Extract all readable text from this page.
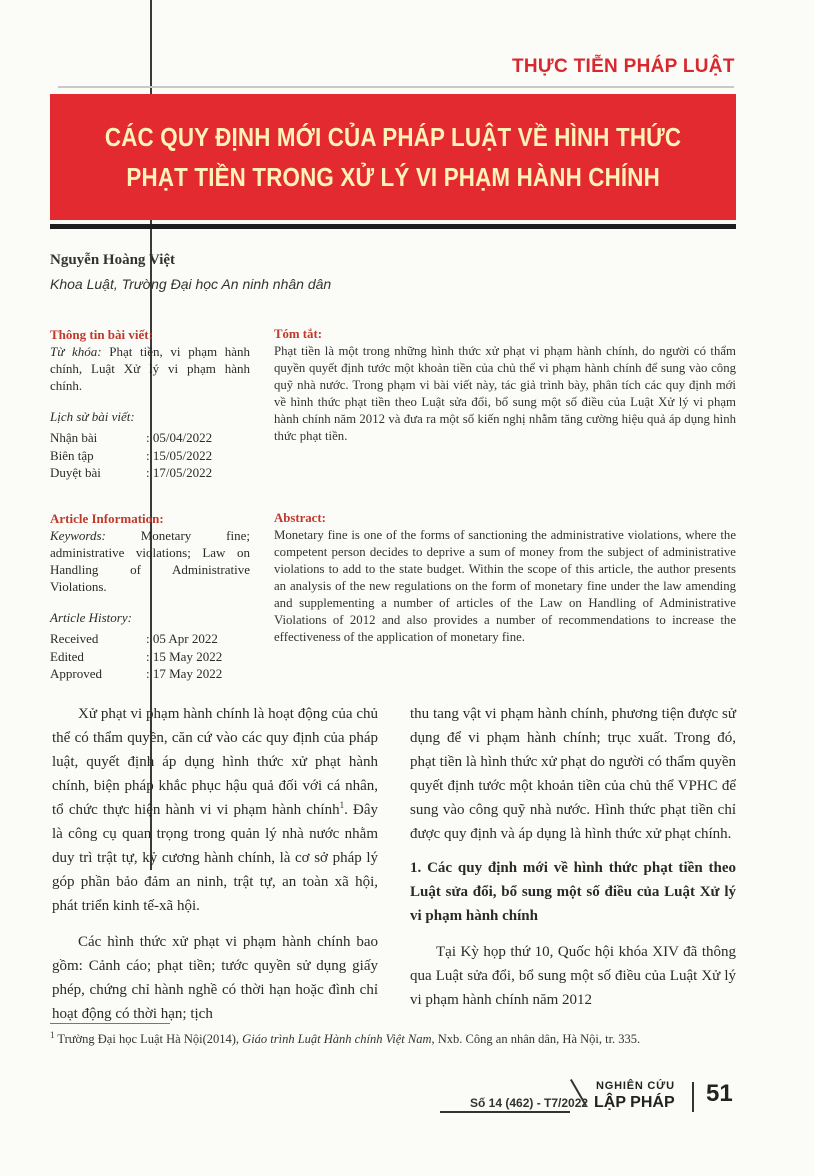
THỰC TIỄN PHÁP LUẬT
CÁC QUY ĐỊNH MỚI CỦA PHÁP LUẬT VỀ HÌNH THỨC
PHẠT TIỀN TRONG XỬ LÝ VI PHẠM HÀNH CHÍNH
Nguyễn Hoàng Việt
Khoa Luật, Trường Đại học An ninh nhân dân
Thông tin bài viết:
Từ khóa: Phạt tiền, vi phạm hành chính, Luật Xử lý vi phạm hành chính.
Lịch sử bài viết:
Nhận bài	: 05/04/2022
Biên tập	: 15/05/2022
Duyệt bài	: 17/05/2022
Article Information:
Keywords: Monetary fine; administrative violations; Law on Handling of Administrative Violations.
Article History:
Received	: 05 Apr 2022
Edited	: 15 May 2022
Approved	: 17 May 2022
Tóm tắt:
Phạt tiền là một trong những hình thức xử phạt vi phạm hành chính, do người có thẩm quyền quyết định tước một khoản tiền của chủ thể vi phạm hành chính để sung vào công quỹ nhà nước. Trong phạm vi bài viết này, tác giả trình bày, phân tích các quy định mới về hình thức phạt tiền theo Luật sửa đổi, bổ sung một số điều của Luật Xử lý vi phạm hành chính năm 2012 và đưa ra một số kiến nghị nhằm tăng cường hiệu quả áp dụng hình thức phạt tiền.
Abstract:
Monetary fine is one of the forms of sanctioning the administrative violations, where the competent person decides to deprive a sum of money from the subject of administrative violations to add to the state budget. Within the scope of this article, the author presents an analysis of the new regulations on the form of monetary fine under the law amending and supplementing a number of articles of the Law on Handling of Administrative Violations of 2012 and also provides a number of recommendations to increase the effectiveness of the application of monetary fine.

Xử phạt vi phạm hành chính là hoạt động của chủ thể có thẩm quyền, căn cứ vào các quy định của pháp luật, quyết định áp dụng hình thức xử phạt hành chính, biện pháp khắc phục hậu quả đối với cá nhân, tổ chức thực hiện hành vi vi phạm hành chính$^1$. Đây là công cụ quan trọng trong quản lý nhà nước nhằm duy trì trật tự, kỷ cương hành chính, là cơ sở pháp lý góp phần bảo đảm an ninh, trật tự, an toàn xã hội, phát triển kinh tế-xã hội.

Các hình thức xử phạt vi phạm hành chính bao gồm: Cảnh cáo; phạt tiền; tước quyền sử dụng giấy phép, chứng chỉ hành nghề có thời hạn hoặc đình chỉ hoạt động có thời hạn; tịch

thu tang vật vi phạm hành chính, phương tiện được sử dụng để vi phạm hành chính; trục xuất. Trong đó, phạt tiền là hình thức xử phạt do người có thẩm quyền quyết định tước một khoản tiền của chủ thể VPHC để sung vào công quỹ nhà nước. Hình thức phạt tiền chỉ được quy định và áp dụng là hình thức xử phạt chính.

1. Các quy định mới về hình thức phạt tiền theo Luật sửa đổi, bổ sung một số điều của Luật Xử lý vi phạm hành chính

Tại Kỳ họp thứ 10, Quốc hội khóa XIV đã thông qua Luật sửa đổi, bổ sung một số điều của Luật Xử lý vi phạm hành chính năm 2012

$^1$ Trường Đại học Luật Hà Nội(2014), Giáo trình Luật Hành chính Việt Nam, Nxb. Công an nhân dân, Hà Nội, tr. 335.
Số 14 (462) - T7/2022
NGHIÊN CỨU
LẬP PHÁP 51
